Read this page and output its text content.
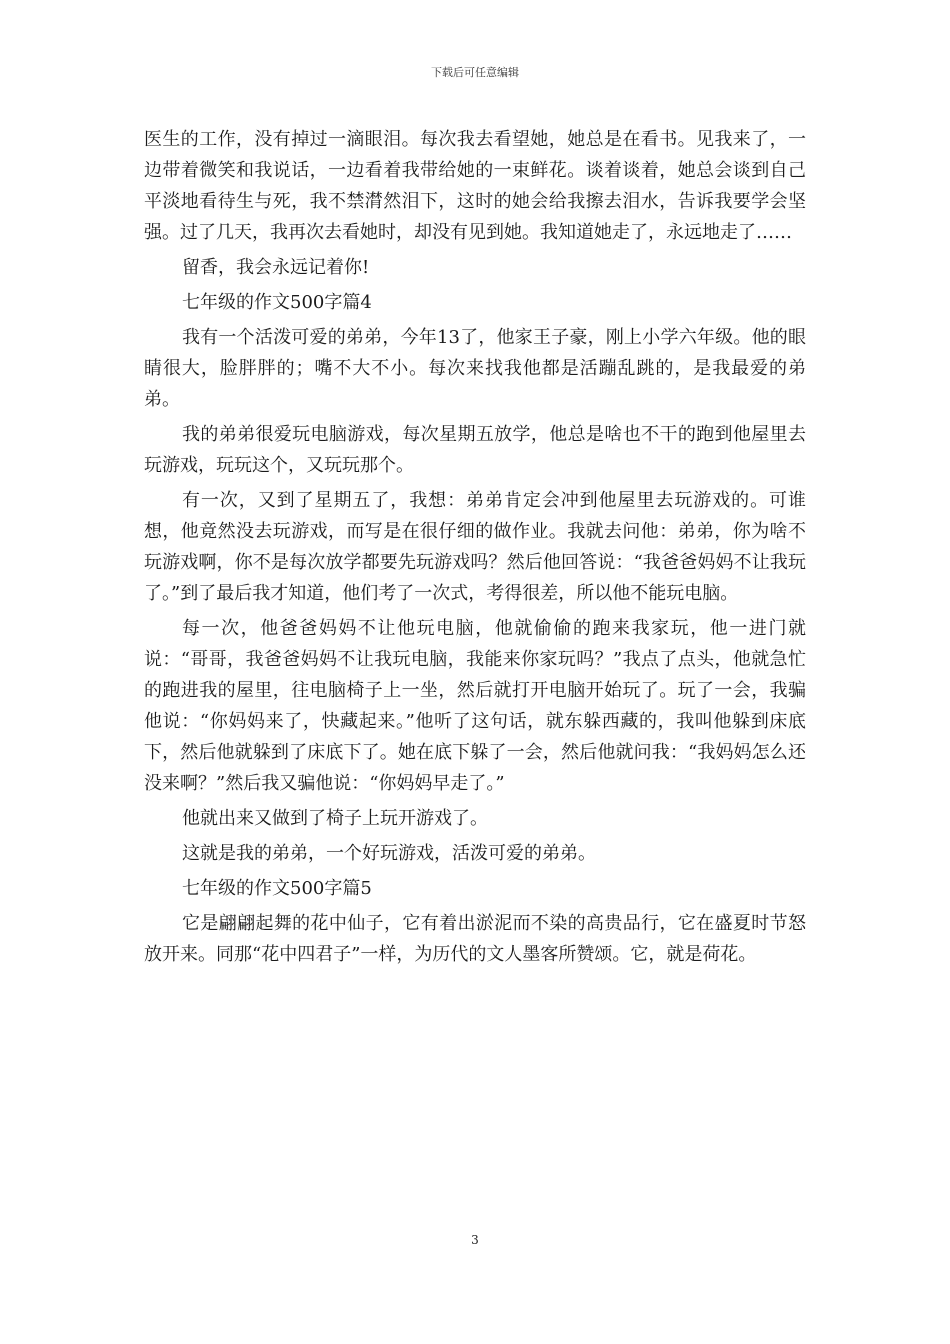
下载后可任意编辑

医生的工作，没有掉过一滴眼泪。每次我去看望她，她总是在看书。见我来了，一边带着微笑和我说话，一边看着我带给她的一束鲜花。谈着谈着，她总会谈到自己平淡地看待生与死，我不禁潸然泪下，这时的她会给我擦去泪水，告诉我要学会坚强。过了几天，我再次去看她时，却没有见到她。我知道她走了，永远地走了……

留香，我会永远记着你!

七年级的作文500字篇4

我有一个活泼可爱的弟弟，今年13了，他家王子豪，刚上小学六年级。他的眼睛很大，脸胖胖的；嘴不大不小。每次来找我他都是活蹦乱跳的，是我最爱的弟弟。

我的弟弟很爱玩电脑游戏，每次星期五放学，他总是啥也不干的跑到他屋里去玩游戏，玩玩这个，又玩玩那个。

有一次，又到了星期五了，我想：弟弟肯定会冲到他屋里去玩游戏的。可谁想，他竟然没去玩游戏，而写是在很仔细的做作业。我就去问他：弟弟，你为啥不玩游戏啊，你不是每次放学都要先玩游戏吗？然后他回答说：“我爸爸妈妈不让我玩了。”到了最后我才知道，他们考了一次式，考得很差，所以他不能玩电脑。

每一次，他爸爸妈妈不让他玩电脑，他就偷偷的跑来我家玩，他一进门就说：“哥哥，我爸爸妈妈不让我玩电脑，我能来你家玩吗？”我点了点头，他就急忙的跑进我的屋里，往电脑椅子上一坐，然后就打开电脑开始玩了。玩了一会，我骗他说：“你妈妈来了，快藏起来。”他听了这句话，就东躲西藏的，我叫他躲到床底下，然后他就躲到了床底下了。她在底下躲了一会，然后他就问我：“我妈妈怎么还没来啊？”然后我又骗他说：“你妈妈早走了。”

他就出来又做到了椅子上玩开游戏了。

这就是我的弟弟，一个好玩游戏，活泼可爱的弟弟。

七年级的作文500字篇5

它是翩翩起舞的花中仙子，它有着出淤泥而不染的高贵品行，它在盛夏时节怒放开来。同那“花中四君子”一样，为历代的文人墨客所赞颂。它，就是荷花。

3
